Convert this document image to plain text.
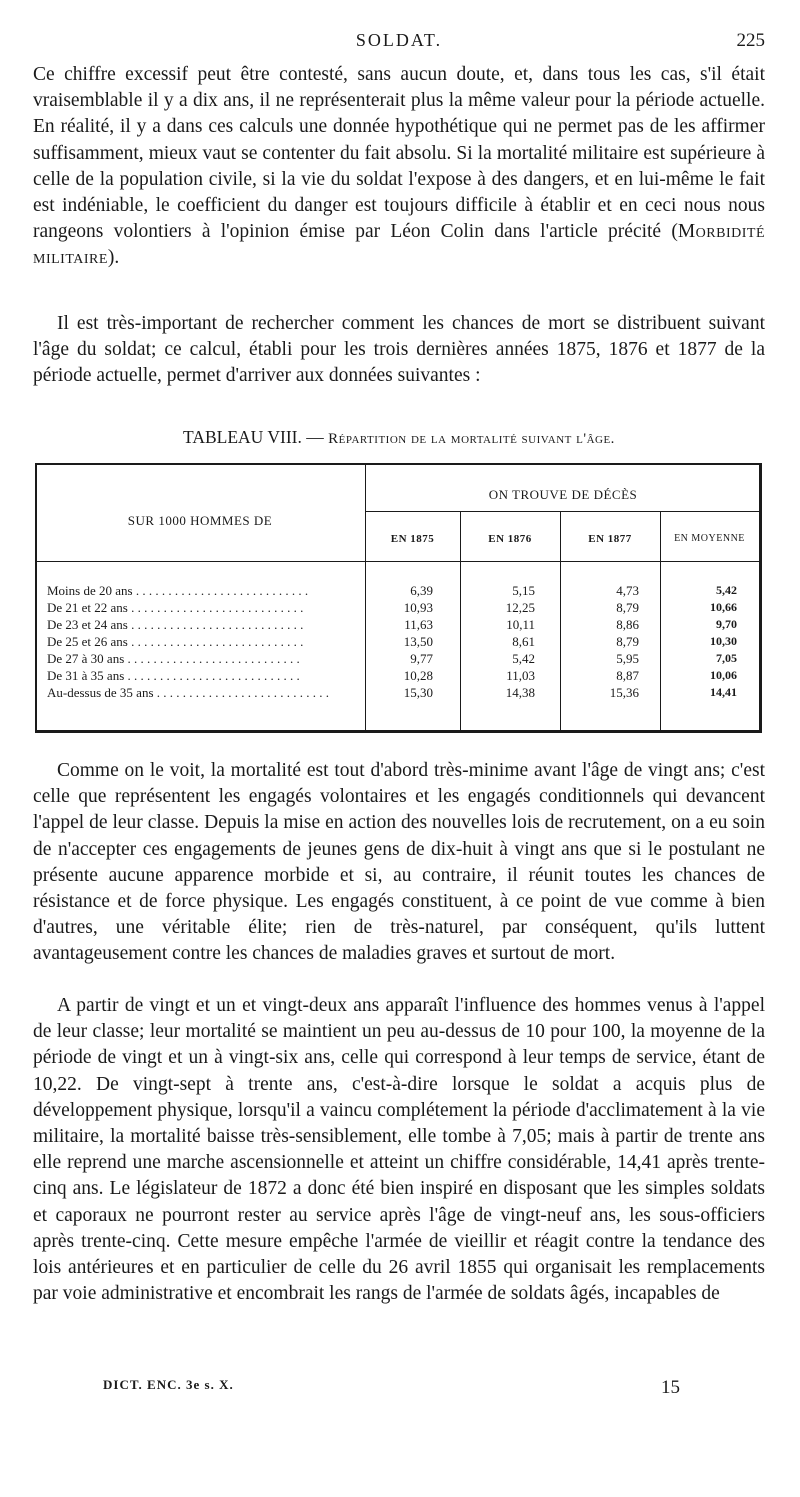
SOLDAT.	225

Ce chiffre excessif peut être contesté, sans aucun doute, et, dans tous les cas, s'il était vraisemblable il y a dix ans, il ne représenterait plus la même valeur pour la période actuelle. En réalité, il y a dans ces calculs une donnée hypothétique qui ne permet pas de les affirmer suffisamment, mieux vaut se contenter du fait absolu. Si la mortalité militaire est supérieure à celle de la population civile, si la vie du soldat l'expose à des dangers, et en lui-même le fait est indéniable, le coefficient du danger est toujours difficile à établir et en ceci nous nous rangeons volontiers à l'opinion émise par Léon Colin dans l'article précité (Morbidité militaire).

Il est très-important de rechercher comment les chances de mort se distribuent suivant l'âge du soldat; ce calcul, établi pour les trois dernières années 1875, 1876 et 1877 de la période actuelle, permet d'arriver aux données suivantes :

TABLEAU VIII. — Répartition de la mortalité suivant l'âge.
SUR 1000 HOMMES DE
ON TROUVE DE DÉCÈS
EN 1875	EN 1876	EN 1877	EN MOYENNE
Moins de 20 ans . . .	6,39	5,15	4,73	5,42
De 21 et 22 ans . . .	10,93	12,25	8,79	10,66
De 23 et 24 ans . . .	11,63	10,11	8,86	9,70
De 25 et 26 ans . . .	13,50	8,61	8,79	10,30
De 27 à 30 ans . . .	9,77	5,42	5,95	7,05
De 31 à 35 ans . . .	10,28	11,03	8,87	10,06
Au-dessus de 35 ans . . .	15,30	14,38	15,36	14,41

Comme on le voit, la mortalité est tout d'abord très-minime avant l'âge de vingt ans; c'est celle que représentent les engagés volontaires et les engagés conditionnels qui devancent l'appel de leur classe. Depuis la mise en action des nouvelles lois de recrutement, on a eu soin de n'accepter ces engagements de jeunes gens de dix-huit à vingt ans que si le postulant ne présente aucune apparence morbide et si, au contraire, il réunit toutes les chances de résistance et de force physique. Les engagés constituent, à ce point de vue comme à bien d'autres, une véritable élite; rien de très-naturel, par conséquent, qu'ils luttent avantageusement contre les chances de maladies graves et surtout de mort.

A partir de vingt et un et vingt-deux ans apparaît l'influence des hommes venus à l'appel de leur classe; leur mortalité se maintient un peu au-dessus de 10 pour 100, la moyenne de la période de vingt et un à vingt-six ans, celle qui correspond à leur temps de service, étant de 10,22. De vingt-sept à trente ans, c'est-à-dire lorsque le soldat a acquis plus de développement physique, lorsqu'il a vaincu complétement la période d'acclimatement à la vie militaire, la mortalité baisse très-sensiblement, elle tombe à 7,05; mais à partir de trente ans elle reprend une marche ascensionnelle et atteint un chiffre considérable, 14,41 après trente-cinq ans. Le législateur de 1872 a donc été bien inspiré en disposant que les simples soldats et caporaux ne pourront rester au service après l'âge de vingt-neuf ans, les sous-officiers après trente-cinq. Cette mesure empêche l'armée de vieillir et réagit contre la tendance des lois antérieures et en particulier de celle du 26 avril 1855 qui organisait les remplacements par voie administrative et encombrait les rangs de l'armée de soldats âgés, incapables de

DICT. ENC. 3e s. X.	15
